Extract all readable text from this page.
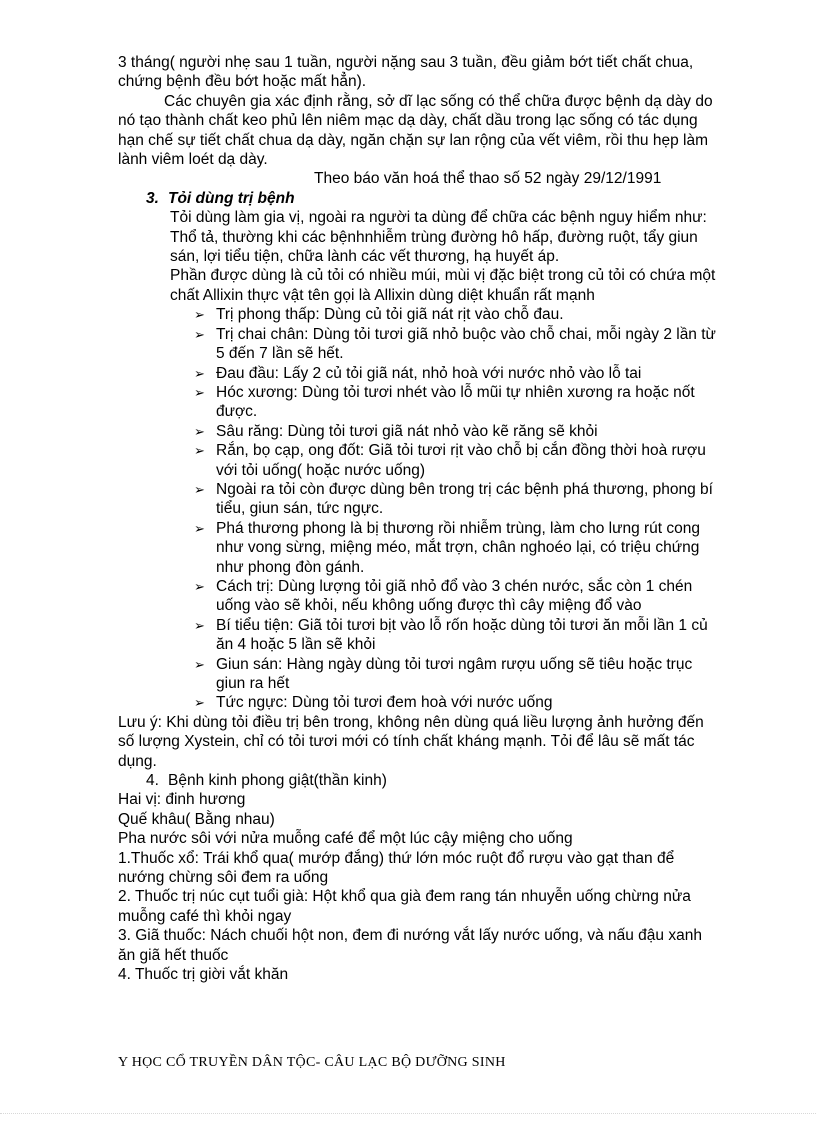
3 tháng( người nhẹ sau 1 tuần, người nặng sau 3 tuần, đều giảm bớt tiết chất chua, chứng bệnh đều bớt hoặc mất hẳn).

Các chuyên gia xác định rằng, sở dĩ lạc sống có thể chữa được bệnh dạ dày do nó tạo thành chất keo phủ lên niêm mạc dạ dày, chất dầu trong lạc sống có tác dụng hạn chế sự tiết chất chua dạ dày, ngăn chặn sự lan rộng của vết viêm, rồi thu hẹp làm lành viêm loét dạ dày.

Theo báo văn hoá thể thao số 52 ngày 29/12/1991

3. Tỏi dùng trị bệnh

Tỏi dùng làm gia vị, ngoài ra người ta dùng để chữa các bệnh nguy hiểm như:

Thổ tả, thường khi các bệnhnhiễm trùng đường hô hấp, đường ruột, tẩy giun sán, lợi tiểu tiện, chữa lành các vết thương, hạ huyết áp.

Phần được dùng là củ tỏi có nhiều múi, mùi vị đặc biệt trong củ tỏi có chứa một chất Allixin thực vật tên gọi là Allixin dùng diệt khuẩn rất mạnh

➢ Trị phong thấp: Dùng củ tỏi giã nát rịt vào chỗ đau.
➢ Trị chai chân: Dùng tỏi tươi giã nhỏ buộc vào chỗ chai, mỗi ngày 2 lần từ 5 đến 7 lần sẽ hết.
➢ Đau đầu: Lấy 2 củ tỏi giã nát, nhỏ hoà với nước nhỏ vào lỗ tai
➢ Hóc xương: Dùng tỏi tươi nhét vào lỗ mũi tự nhiên xương ra hoặc nốt được.
➢ Sâu răng: Dùng tỏi tươi giã nát nhỏ vào kẽ răng sẽ khỏi
➢ Rắn, bọ cạp, ong đốt: Giã tỏi tươi rịt vào chỗ bị cắn đồng thời hoà rượu với tỏi uống( hoặc nước uống)
➢ Ngoài ra tỏi còn được dùng bên trong trị các bệnh phá thương, phong bí tiểu, giun sán, tức ngực.
➢ Phá thương phong là bị thương rồi nhiễm trùng, làm cho lưng rút cong như vong sừng, miệng méo, mắt trợn, chân nghoéo lại, có triệu chứng như phong đòn gánh.
➢ Cách trị: Dùng lượng tỏi giã nhỏ đổ vào 3 chén nước, sắc còn 1 chén uống vào sẽ khỏi, nếu không uống được thì cây miệng đổ vào
➢ Bí tiểu tiện: Giã tỏi tươi bịt vào lỗ rốn hoặc dùng tỏi tươi ăn mỗi lần 1 củ ăn 4 hoặc 5 lần sẽ khỏi
➢ Giun sán: Hàng ngày dùng tỏi tươi ngâm rượu uống sẽ tiêu hoặc trục giun ra hết
➢ Tức ngực: Dùng tỏi tươi đem hoà với nước uống

Lưu ý: Khi dùng tỏi điều trị bên trong, không nên dùng quá liều lượng ảnh hưởng đến số lượng Xystein, chỉ có tỏi tươi mới có tính chất kháng mạnh. Tỏi để lâu sẽ mất tác dụng.

4. Bệnh kinh phong giật(thần kinh)

Hai vị: đinh hương

Quế khâu( Bằng nhau)

Pha nước sôi với nửa muỗng café để một lúc cậy miệng cho uống

1.Thuốc xổ: Trái khổ qua( mướp đắng) thứ lớn móc ruột đổ rượu vào gạt than để nướng chừng sôi đem ra uống

2. Thuốc trị núc cụt tuổi già: Hột khổ qua già đem rang tán nhuyễn uống chừng nửa muỗng café thì khỏi ngay

3. Giã thuốc: Nách chuối hột non, đem đi nướng vắt lấy nước uống, và nấu đậu xanh ăn giã hết thuốc

4. Thuốc trị giời vắt khăn

Y HỌC CỔ TRUYỀN DÂN TỘC- CÂU LẠC BỘ DƯỠNG SINH
